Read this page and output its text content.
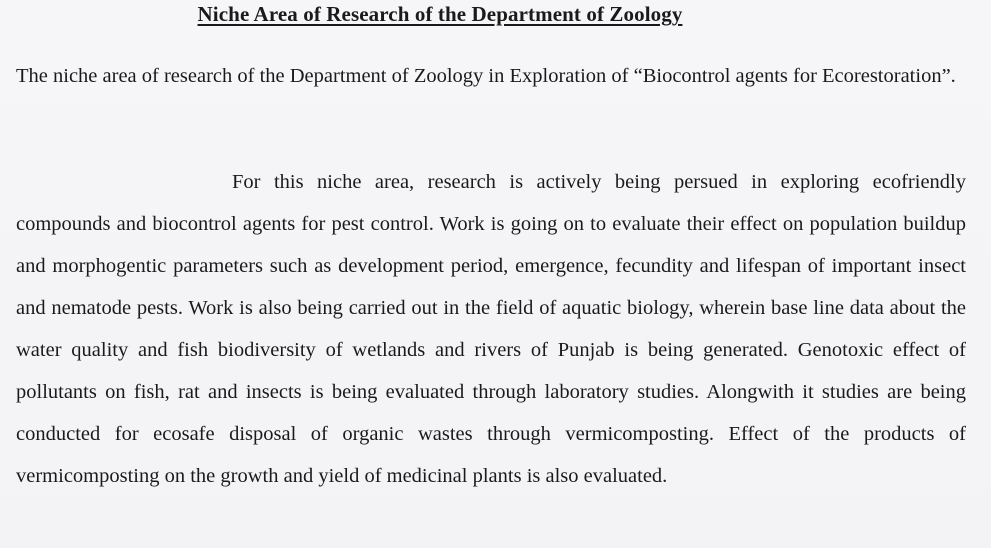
Niche Area of Research of the Department of Zoology

The niche area of research of the Department of Zoology in Exploration of “Biocontrol agents for Ecorestoration”.

For this niche area, research is actively being persued in exploring ecofriendly compounds and biocontrol agents for pest control. Work is going on to evaluate their effect on population buildup and morphogentic parameters such as development period, emergence, fecundity and lifespan of important insect and nematode pests. Work is also being carried out in the field of aquatic biology, wherein base line data about the water quality and fish biodiversity of wetlands and rivers of Punjab is being generated. Genotoxic effect of pollutants on fish, rat and insects is being evaluated through laboratory studies. Alongwith it studies are being conducted for ecosafe disposal of organic wastes through vermicomposting. Effect of the products of vermicomposting on the growth and yield of medicinal plants is also evaluated.
